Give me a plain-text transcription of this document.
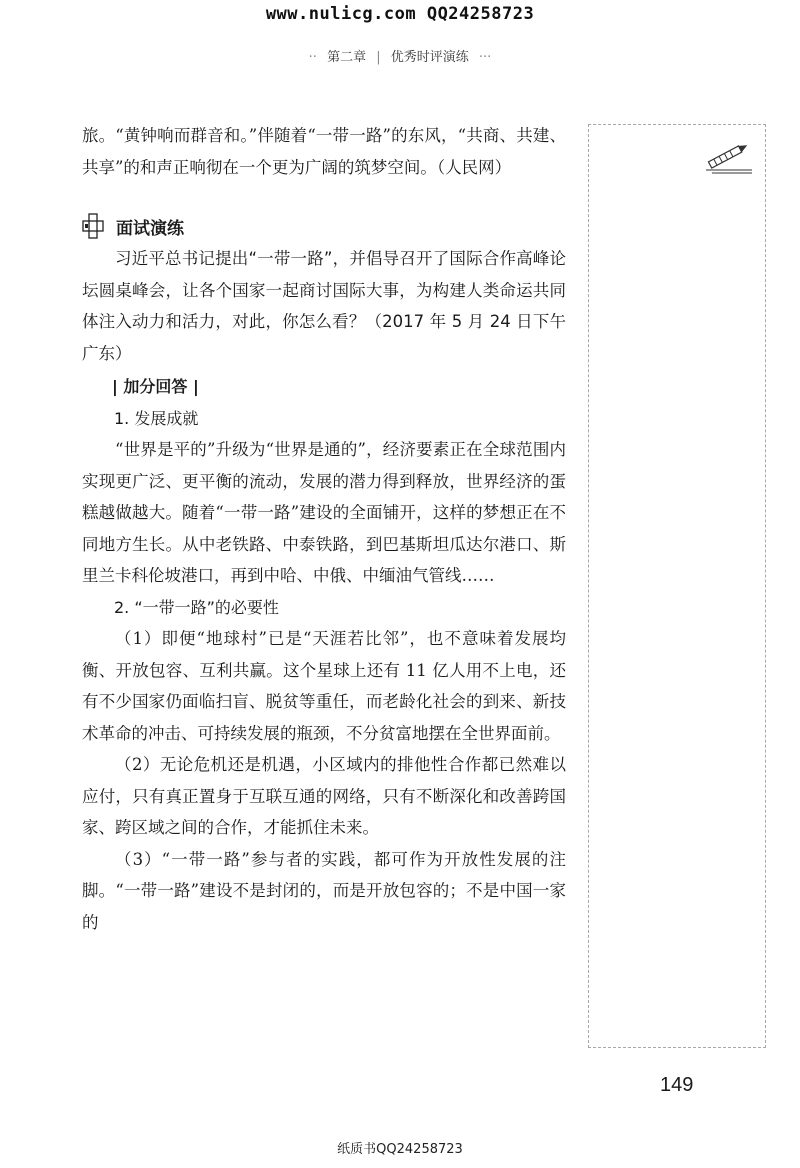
www.nulicg.com QQ24258723
·· 第二章 | 优秀时评演练 ···

旅。“黄钟响而群音和。”伴随着“一带一路”的东风，“共商、共建、共享”的和声正响彻在一个更为广阔的筑梦空间。（人民网）

面试演练

习近平总书记提出“一带一路”，并倡导召开了国际合作高峰论坛圆桌峰会，让各个国家一起商讨国际大事，为构建人类命运共同体注入动力和活力，对此，你怎么看？（2017 年 5 月 24 日下午广东）

| 加分回答 |
1. 发展成就

“世界是平的”升级为“世界是通的”，经济要素正在全球范围内实现更广泛、更平衡的流动，发展的潜力得到释放，世界经济的蛋糕越做越大。随着“一带一路”建设的全面铺开，这样的梦想正在不同地方生长。从中老铁路、中泰铁路，到巴基斯坦瓜达尔港口、斯里兰卡科伦坡港口，再到中哈、中俄、中缅油气管线……

2. “一带一路”的必要性

（1）即便“地球村”已是“天涯若比邻”，也不意味着发展均衡、开放包容、互利共赢。这个星球上还有 11 亿人用不上电，还有不少国家仍面临扫盲、脱贫等重任，而老龄化社会的到来、新技术革命的冲击、可持续发展的瓶颈，不分贫富地摆在全世界面前。

（2）无论危机还是机遇，小区域内的排他性合作都已然难以应付，只有真正置身于互联互通的网络，只有不断深化和改善跨国家、跨区域之间的合作，才能抓住未来。

（3）“一带一路”参与者的实践，都可作为开放性发展的注脚。“一带一路”建设不是封闭的，而是开放包容的；不是中国一家的

149
纸质书QQ24258723
